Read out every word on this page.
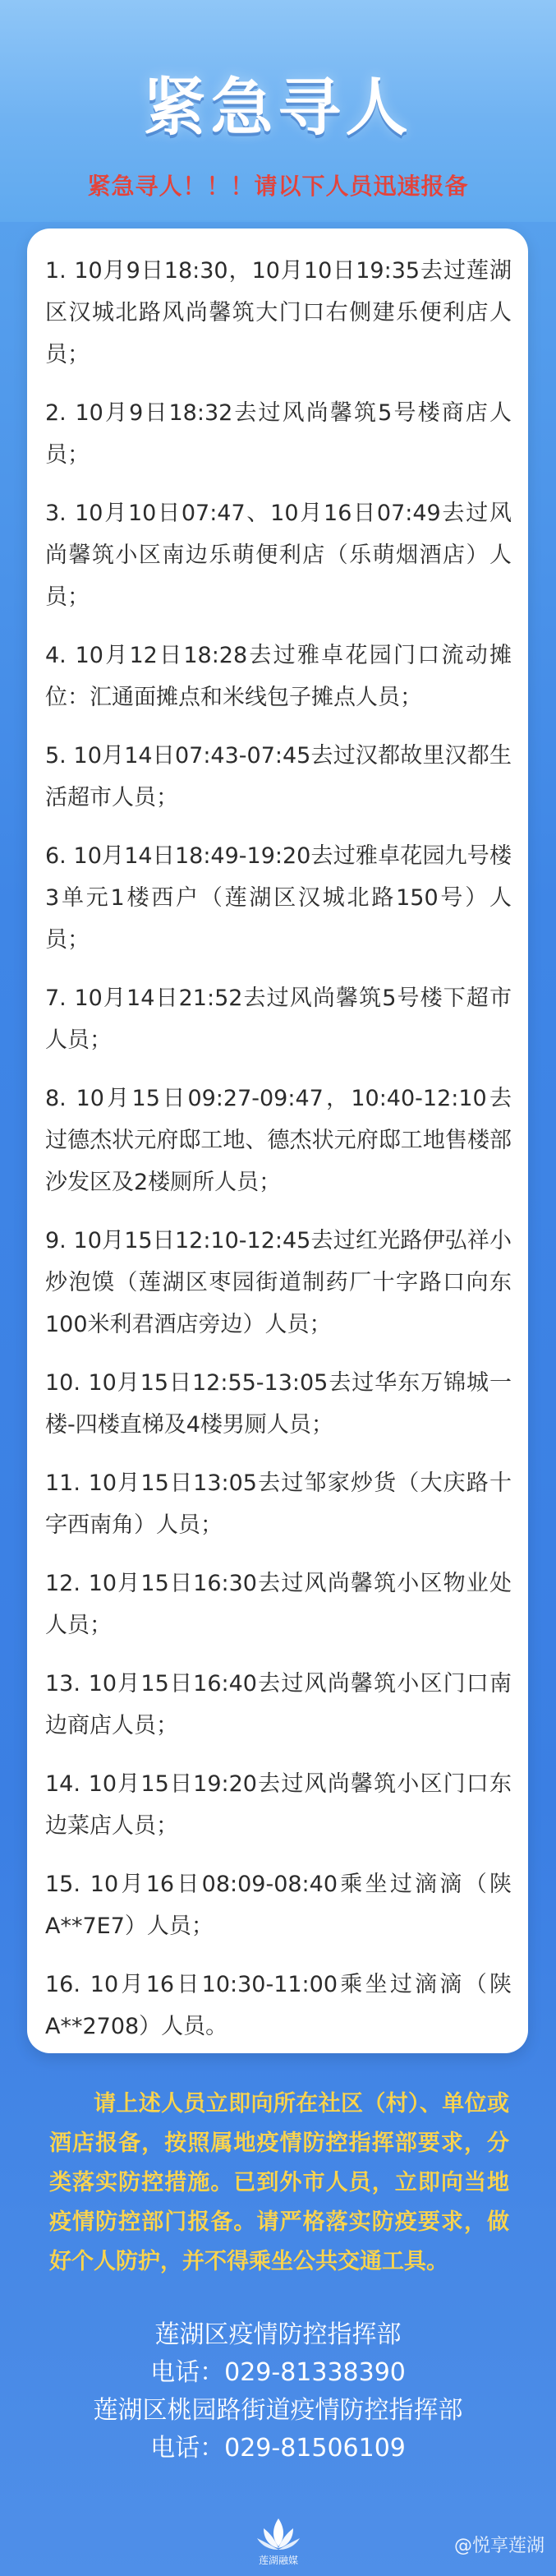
紧急寻人
紧急寻人！！！请以下人员迅速报备
1. 10月9日18:30，10月10日19:35去过莲湖区汉城北路风尚馨筑大门口右侧建乐便利店人员；
2. 10月9日18:32去过风尚馨筑5号楼商店人员；
3. 10月10日07:47、10月16日07:49去过风尚馨筑小区南边乐萌便利店（乐萌烟酒店）人员；
4. 10月12日18:28去过雅卓花园门口流动摊位：汇通面摊点和米线包子摊点人员；
5. 10月14日07:43-07:45去过汉都故里汉都生活超市人员；
6. 10月14日18:49-19:20去过雅卓花园九号楼3单元1楼西户（莲湖区汉城北路150号）人员；
7. 10月14日21:52去过风尚馨筑5号楼下超市人员；
8. 10月15日09:27-09:47，10:40-12:10去过德杰状元府邸工地、德杰状元府邸工地售楼部沙发区及2楼厕所人员；
9. 10月15日12:10-12:45去过红光路伊弘祥小炒泡馍（莲湖区枣园街道制药厂十字路口向东100米利君酒店旁边）人员；
10. 10月15日12:55-13:05去过华东万锦城一楼-四楼直梯及4楼男厕人员；
11. 10月15日13:05去过邹家炒货（大庆路十字西南角）人员；
12. 10月15日16:30去过风尚馨筑小区物业处人员；
13. 10月15日16:40去过风尚馨筑小区门口南边商店人员；
14. 10月15日19:20去过风尚馨筑小区门口东边菜店人员；
15. 10月16日08:09-08:40乘坐过滴滴（陕A**7E7）人员；
16. 10月16日10:30-11:00乘坐过滴滴（陕A**2708）人员。
请上述人员立即向所在社区（村）、单位或酒店报备，按照属地疫情防控指挥部要求，分类落实防控措施。已到外市人员，立即向当地疫情防控部门报备。请严格落实防疫要求，做好个人防护，并不得乘坐公共交通工具。
莲湖区疫情防控指挥部
电话：029-81338390
莲湖区桃园路街道疫情防控指挥部
电话：029-81506109
莲湖融媒
@悦享莲湖
